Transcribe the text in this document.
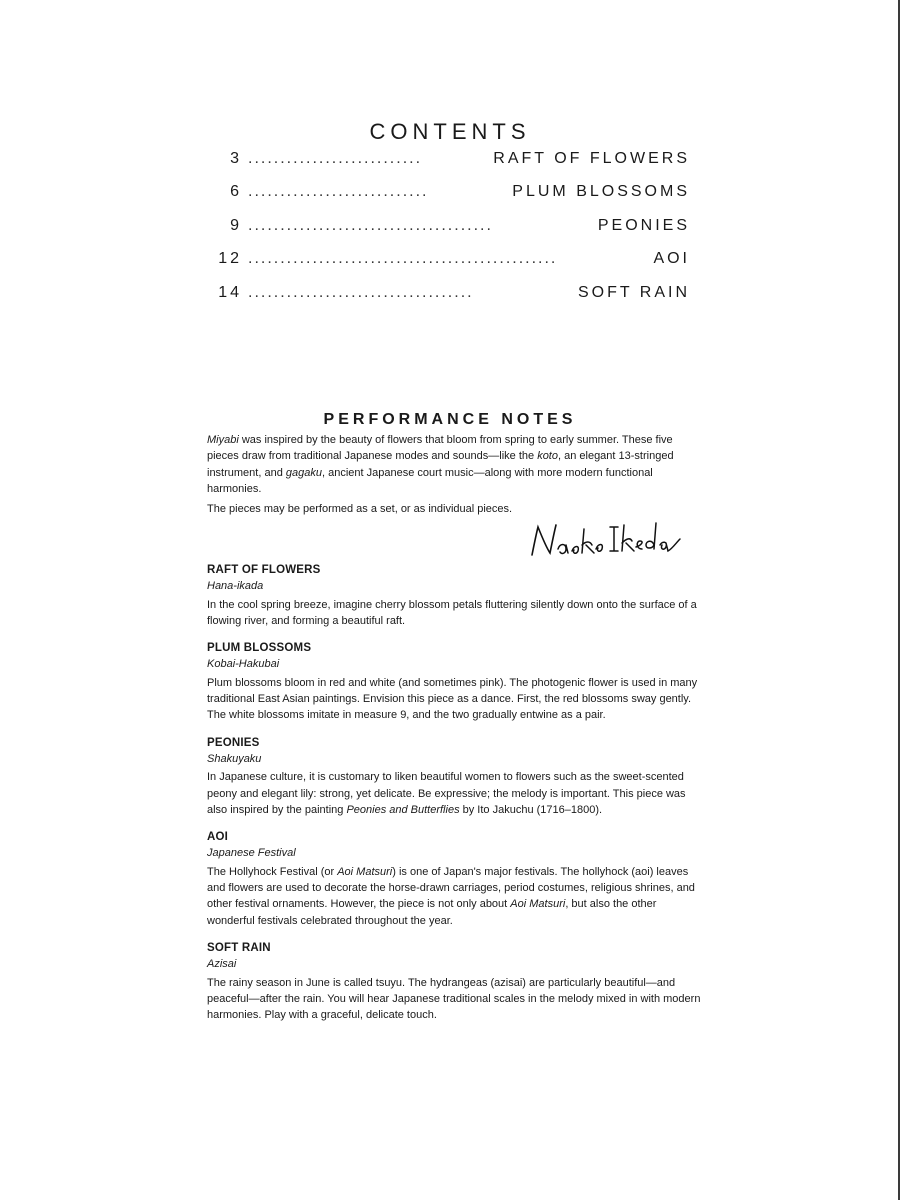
CONTENTS
3 ...........................	RAFT OF FLOWERS
6 ............................	PLUM BLOSSOMS
9 ......................................	PEONIES
12 ................................................	AOI
14 ...................................	SOFT RAIN
PERFORMANCE NOTES

Miyabi was inspired by the beauty of flowers that bloom from spring to early summer. These five pieces draw from traditional Japanese modes and sounds—like the koto, an elegant 13-stringed instrument, and gagaku, ancient Japanese court music—along with more modern functional harmonies.

The pieces may be performed as a set, or as individual pieces.

RAFT OF FLOWERS
Hana-ikada

In the cool spring breeze, imagine cherry blossom petals fluttering silently down onto the surface of a flowing river, and forming a beautiful raft.

PLUM BLOSSOMS
Kobai-Hakubai

Plum blossoms bloom in red and white (and sometimes pink). The photogenic flower is used in many traditional East Asian paintings. Envision this piece as a dance. First, the red blossoms sway gently. The white blossoms imitate in measure 9, and the two gradually entwine as a pair.

PEONIES
Shakuyaku

In Japanese culture, it is customary to liken beautiful women to flowers such as the sweet-scented peony and elegant lily: strong, yet delicate. Be expressive; the melody is important. This piece was also inspired by the painting Peonies and Butterflies by Ito Jakuchu (1716–1800).

AOI
Japanese Festival

The Hollyhock Festival (or Aoi Matsuri) is one of Japan's major festivals. The hollyhock (aoi) leaves and flowers are used to decorate the horse-drawn carriages, period costumes, religious shrines, and other festival ornaments. However, the piece is not only about Aoi Matsuri, but also the other wonderful festivals celebrated throughout the year.

SOFT RAIN
Azisai

The rainy season in June is called tsuyu. The hydrangeas (azisai) are particularly beautiful—and peaceful—after the rain. You will hear Japanese traditional scales in the melody mixed in with modern harmonies. Play with a graceful, delicate touch.
